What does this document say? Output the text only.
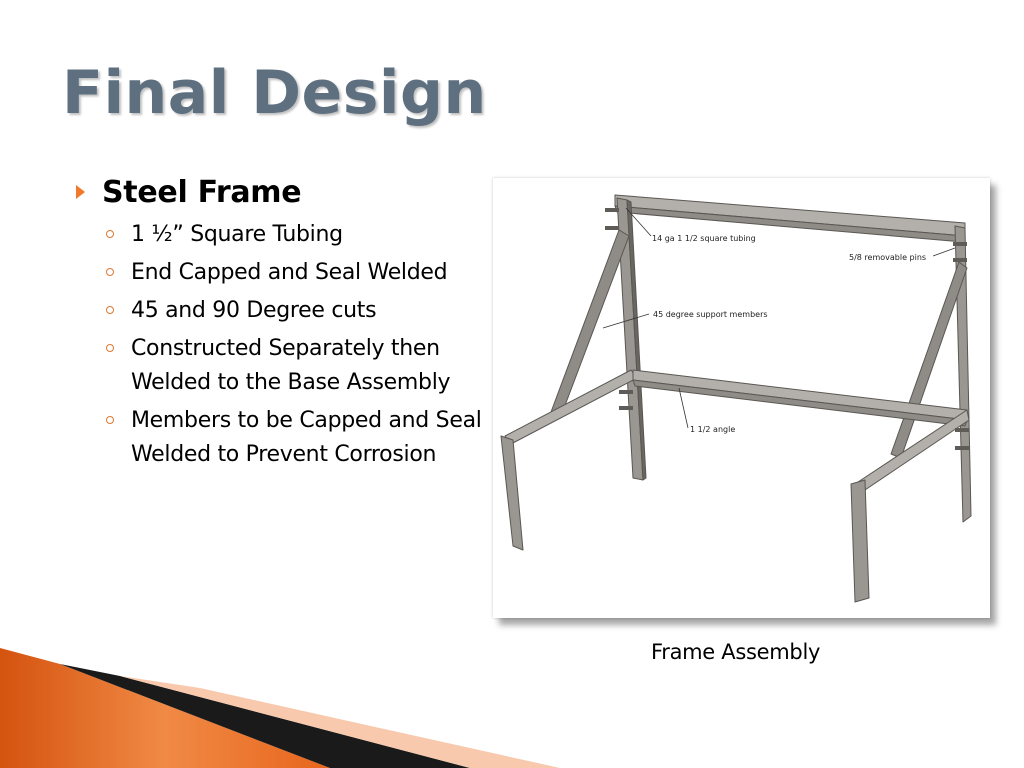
Final Design
Steel Frame
1 ½” Square Tubing
End Capped and Seal Welded
45 and 90 Degree cuts
Constructed Separately then Welded to the Base Assembly
Members to be Capped and Seal Welded to Prevent Corrosion
14 ga 1 1/2 square tubing
5/8 removable pins
45 degree support members
1 1/2 angle
Frame Assembly
